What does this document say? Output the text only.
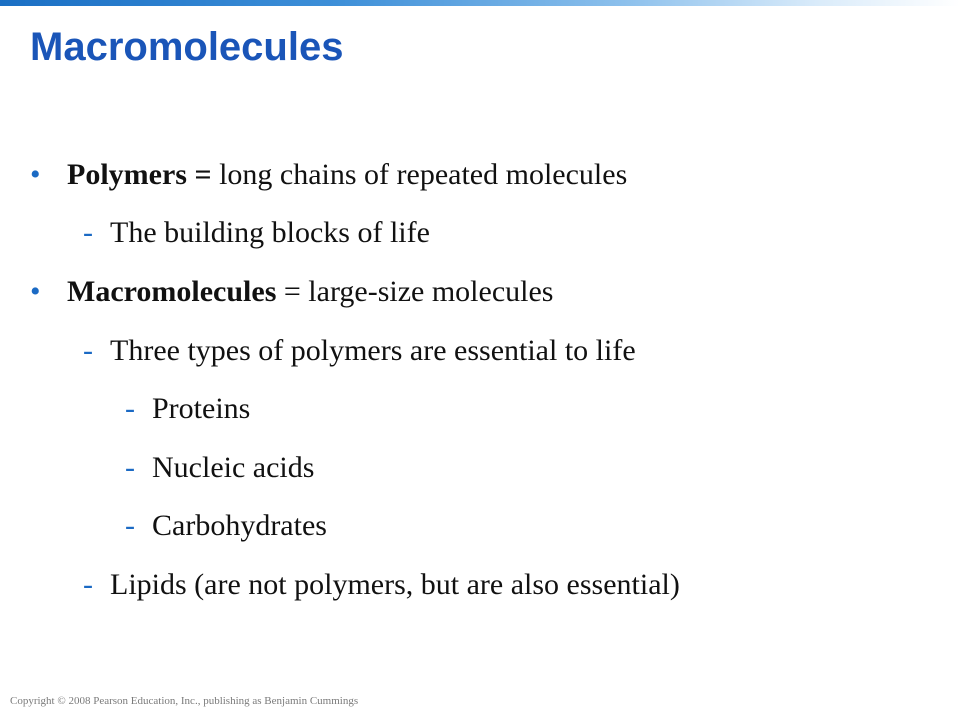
Macromolecules
• Polymers = long chains of repeated molecules
- The building blocks of life
• Macromolecules = large-size molecules
- Three types of polymers are essential to life
- Proteins
- Nucleic acids
- Carbohydrates
- Lipids (are not polymers, but are also essential)
Copyright © 2008 Pearson Education, Inc., publishing as Benjamin Cummings
